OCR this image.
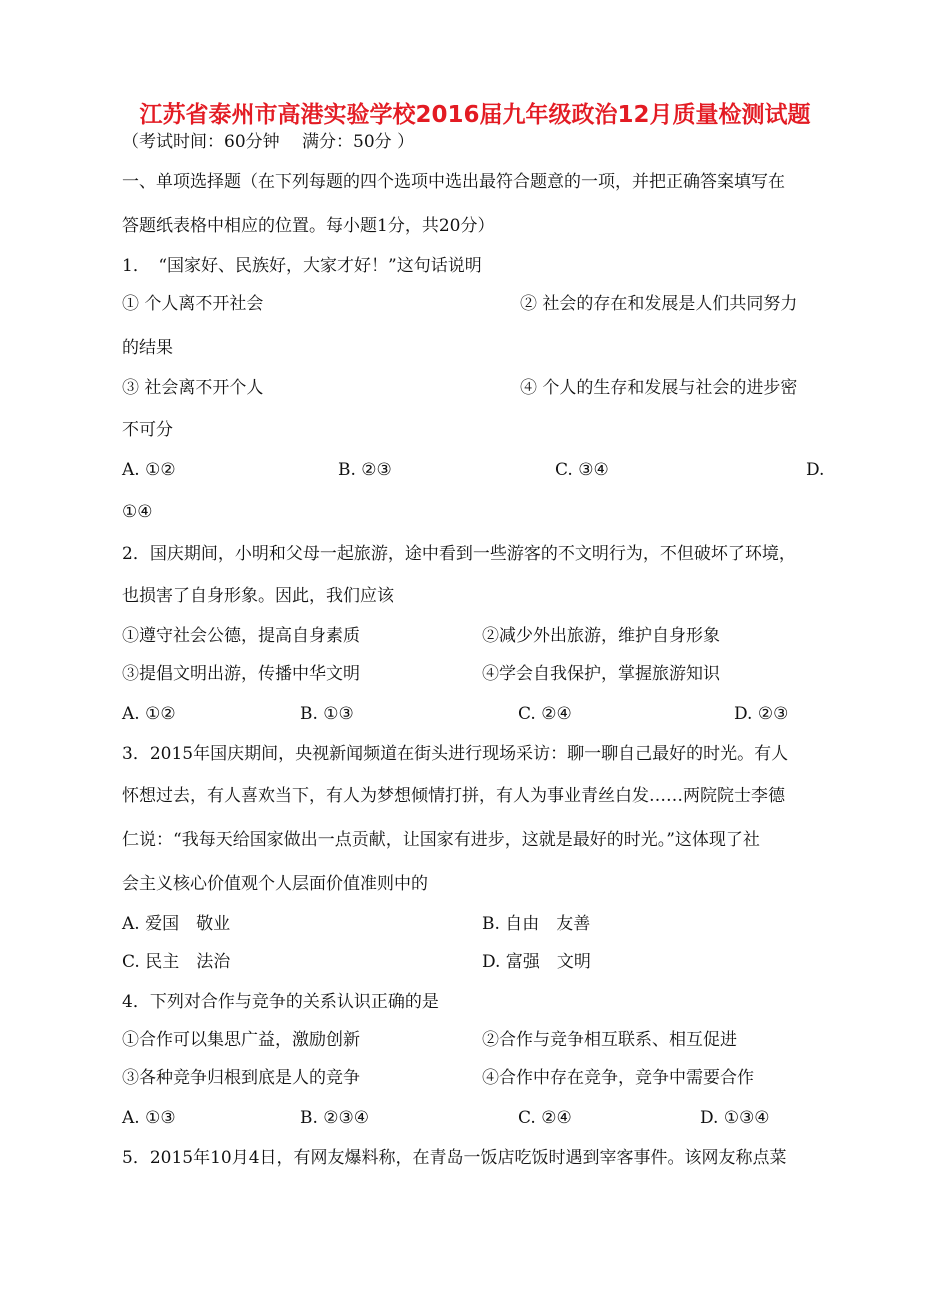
江苏省泰州市高港实验学校2016届九年级政治12月质量检测试题
（考试时间：60分钟　 满分：50分 ）
一、单项选择题（在下列每题的四个选项中选出最符合题意的一项，并把正确答案填写在
答题纸表格中相应的位置。每小题1分，共20分）
1．　“国家好、民族好，大家才好！”这句话说明
① 个人离不开社会	② 社会的存在和发展是人们共同努力
的结果
③ 社会离不开个人	④ 个人的生存和发展与社会的进步密
不可分
A. ①②	B. ②③	C. ③④	D.
①④
2．国庆期间，小明和父母一起旅游，途中看到一些游客的不文明行为，不但破坏了环境，
也损害了自身形象。因此，我们应该
①遵守社会公德，提高自身素质	②减少外出旅游，维护自身形象
③提倡文明出游，传播中华文明	④学会自我保护，掌握旅游知识
A. ①②	B. ①③	C. ②④	D. ②③
3．2015年国庆期间，央视新闻频道在街头进行现场采访：聊一聊自己最好的时光。有人
怀想过去，有人喜欢当下，有人为梦想倾情打拼，有人为事业青丝白发……两院院士李德
仁说：“我每天给国家做出一点贡献，让国家有进步，这就是最好的时光。”这体现了社
会主义核心价值观个人层面价值准则中的
A. 爱国　敬业	B. 自由　友善
C. 民主　法治	D. 富强　文明
4．下列对合作与竞争的关系认识正确的是
①合作可以集思广益，激励创新	②合作与竞争相互联系、相互促进
③各种竞争归根到底是人的竞争	④合作中存在竞争，竞争中需要合作
A. ①③	B. ②③④	C. ②④	D. ①③④
5．2015年10月4日，有网友爆料称，在青岛一饭店吃饭时遇到宰客事件。该网友称点菜
